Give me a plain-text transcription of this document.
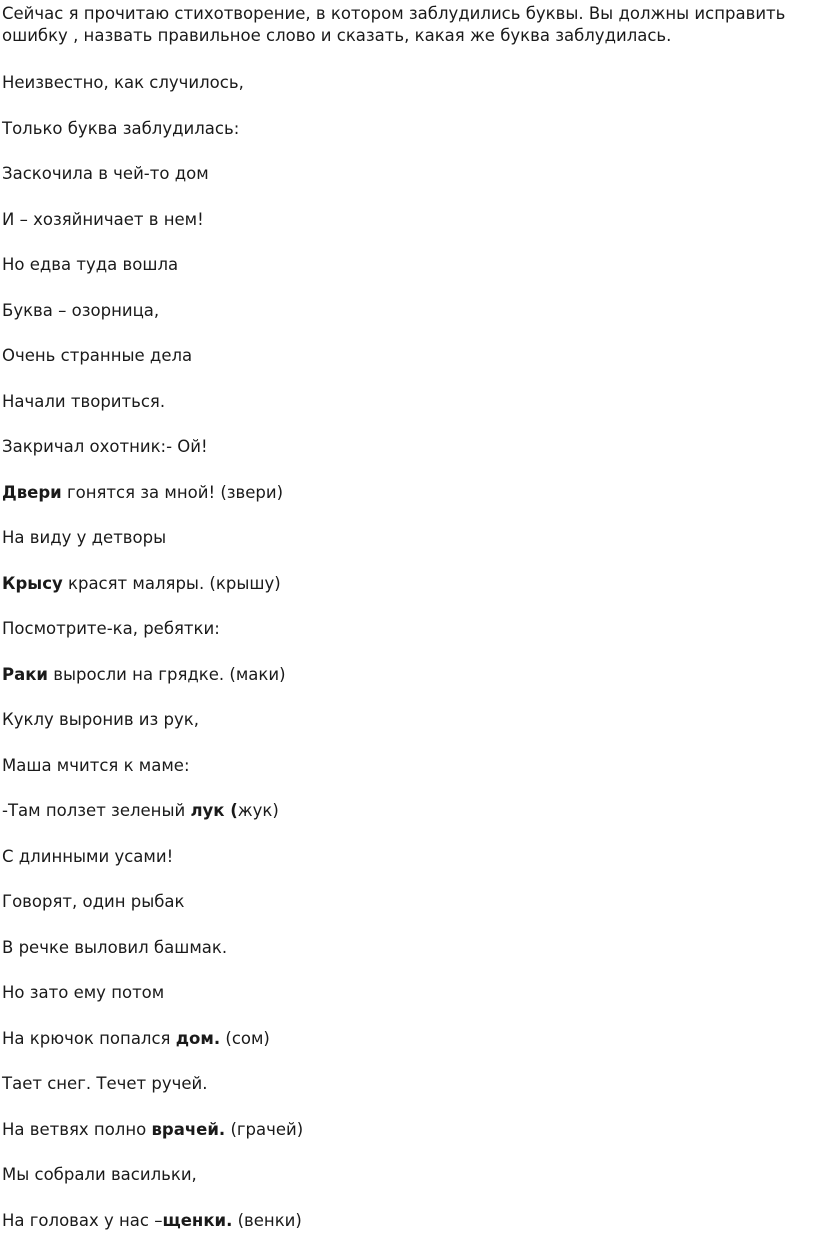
Сейчас я прочитаю стихотворение, в котором заблудились буквы. Вы должны исправить ошибку , назвать правильное слово и сказать, какая же буква заблудилась.

Неизвестно, как случилось,
Только буква заблудилась:
Заскочила в чей-то дом
И – хозяйничает в нем!
Но едва туда вошла
Буква – озорница,
Очень странные дела
Начали твориться.
Закричал охотник:- Ой!
Двери гонятся за мной! (звери)
На виду у детворы
Крысу красят маляры. (крышу)
Посмотрите-ка, ребятки:
Раки выросли на грядке. (маки)
Куклу выронив из рук,
Маша мчится к маме:
-Там ползет зеленый лук (жук)
С длинными усами!
Говорят, один рыбак
В речке выловил башмак.
Но зато ему потом
На крючок попался дом. (сом)
Тает снег. Течет ручей.
На ветвях полно врачей. (грачей)
Мы собрали васильки,
На головах у нас –щенки. (венки)
